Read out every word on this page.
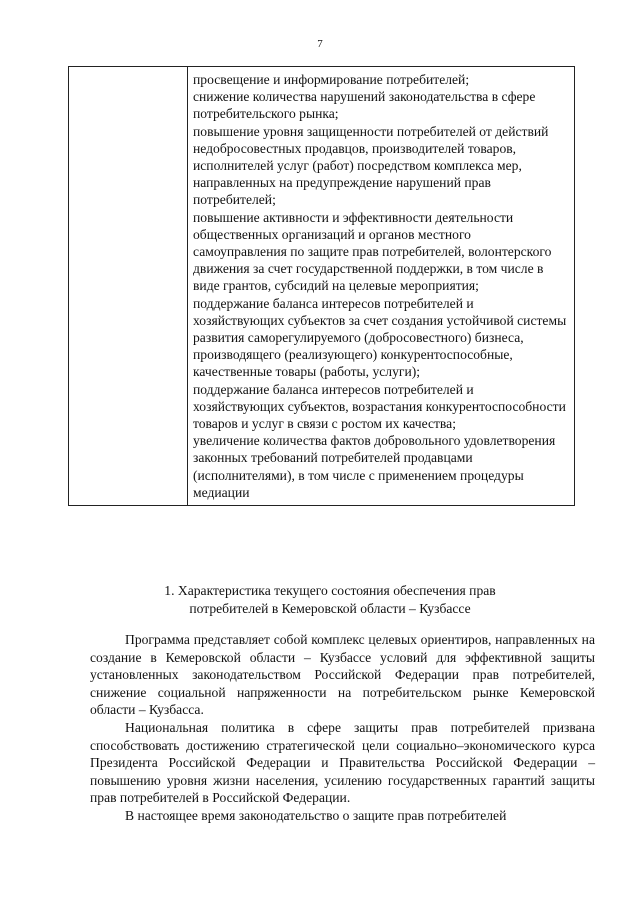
7

просвещение и информирование потребителей;
снижение количества нарушений законодательства в сфере потребительского рынка;
повышение уровня защищенности потребителей от действий недобросовестных продавцов, производителей товаров, исполнителей услуг (работ) посредством комплекса мер, направленных на предупреждение нарушений прав потребителей;
повышение активности и эффективности деятельности общественных организаций и органов местного самоуправления по защите прав потребителей, волонтерского движения за счет государственной поддержки, в том числе в виде грантов, субсидий на целевые мероприятия;
поддержание баланса интересов потребителей и хозяйствующих субъектов за счет создания устойчивой системы развития саморегулируемого (добросовестного) бизнеса, производящего (реализующего) конкурентоспособные, качественные товары (работы, услуги);
поддержание баланса интересов потребителей и хозяйствующих субъектов, возрастания конкурентоспособности товаров и услуг в связи с ростом их качества;
увеличение количества фактов добровольного удовлетворения законных требований потребителей продавцами (исполнителями), в том числе с применением процедуры медиации
1. Характеристика текущего состояния обеспечения прав
потребителей в Кемеровской области – Кузбассе

Программа представляет собой комплекс целевых ориентиров, направленных на создание в Кемеровской области – Кузбассе условий для эффективной защиты установленных законодательством Российской Федерации прав потребителей, снижение социальной напряженности на потребительском рынке Кемеровской области – Кузбасса.

Национальная политика в сфере защиты прав потребителей призвана способствовать достижению стратегической цели социально–экономического курса Президента Российской Федерации и Правительства Российской Федерации – повышению уровня жизни населения, усилению государственных гарантий защиты прав потребителей в Российской Федерации.

В настоящее время законодательство о защите прав потребителей
